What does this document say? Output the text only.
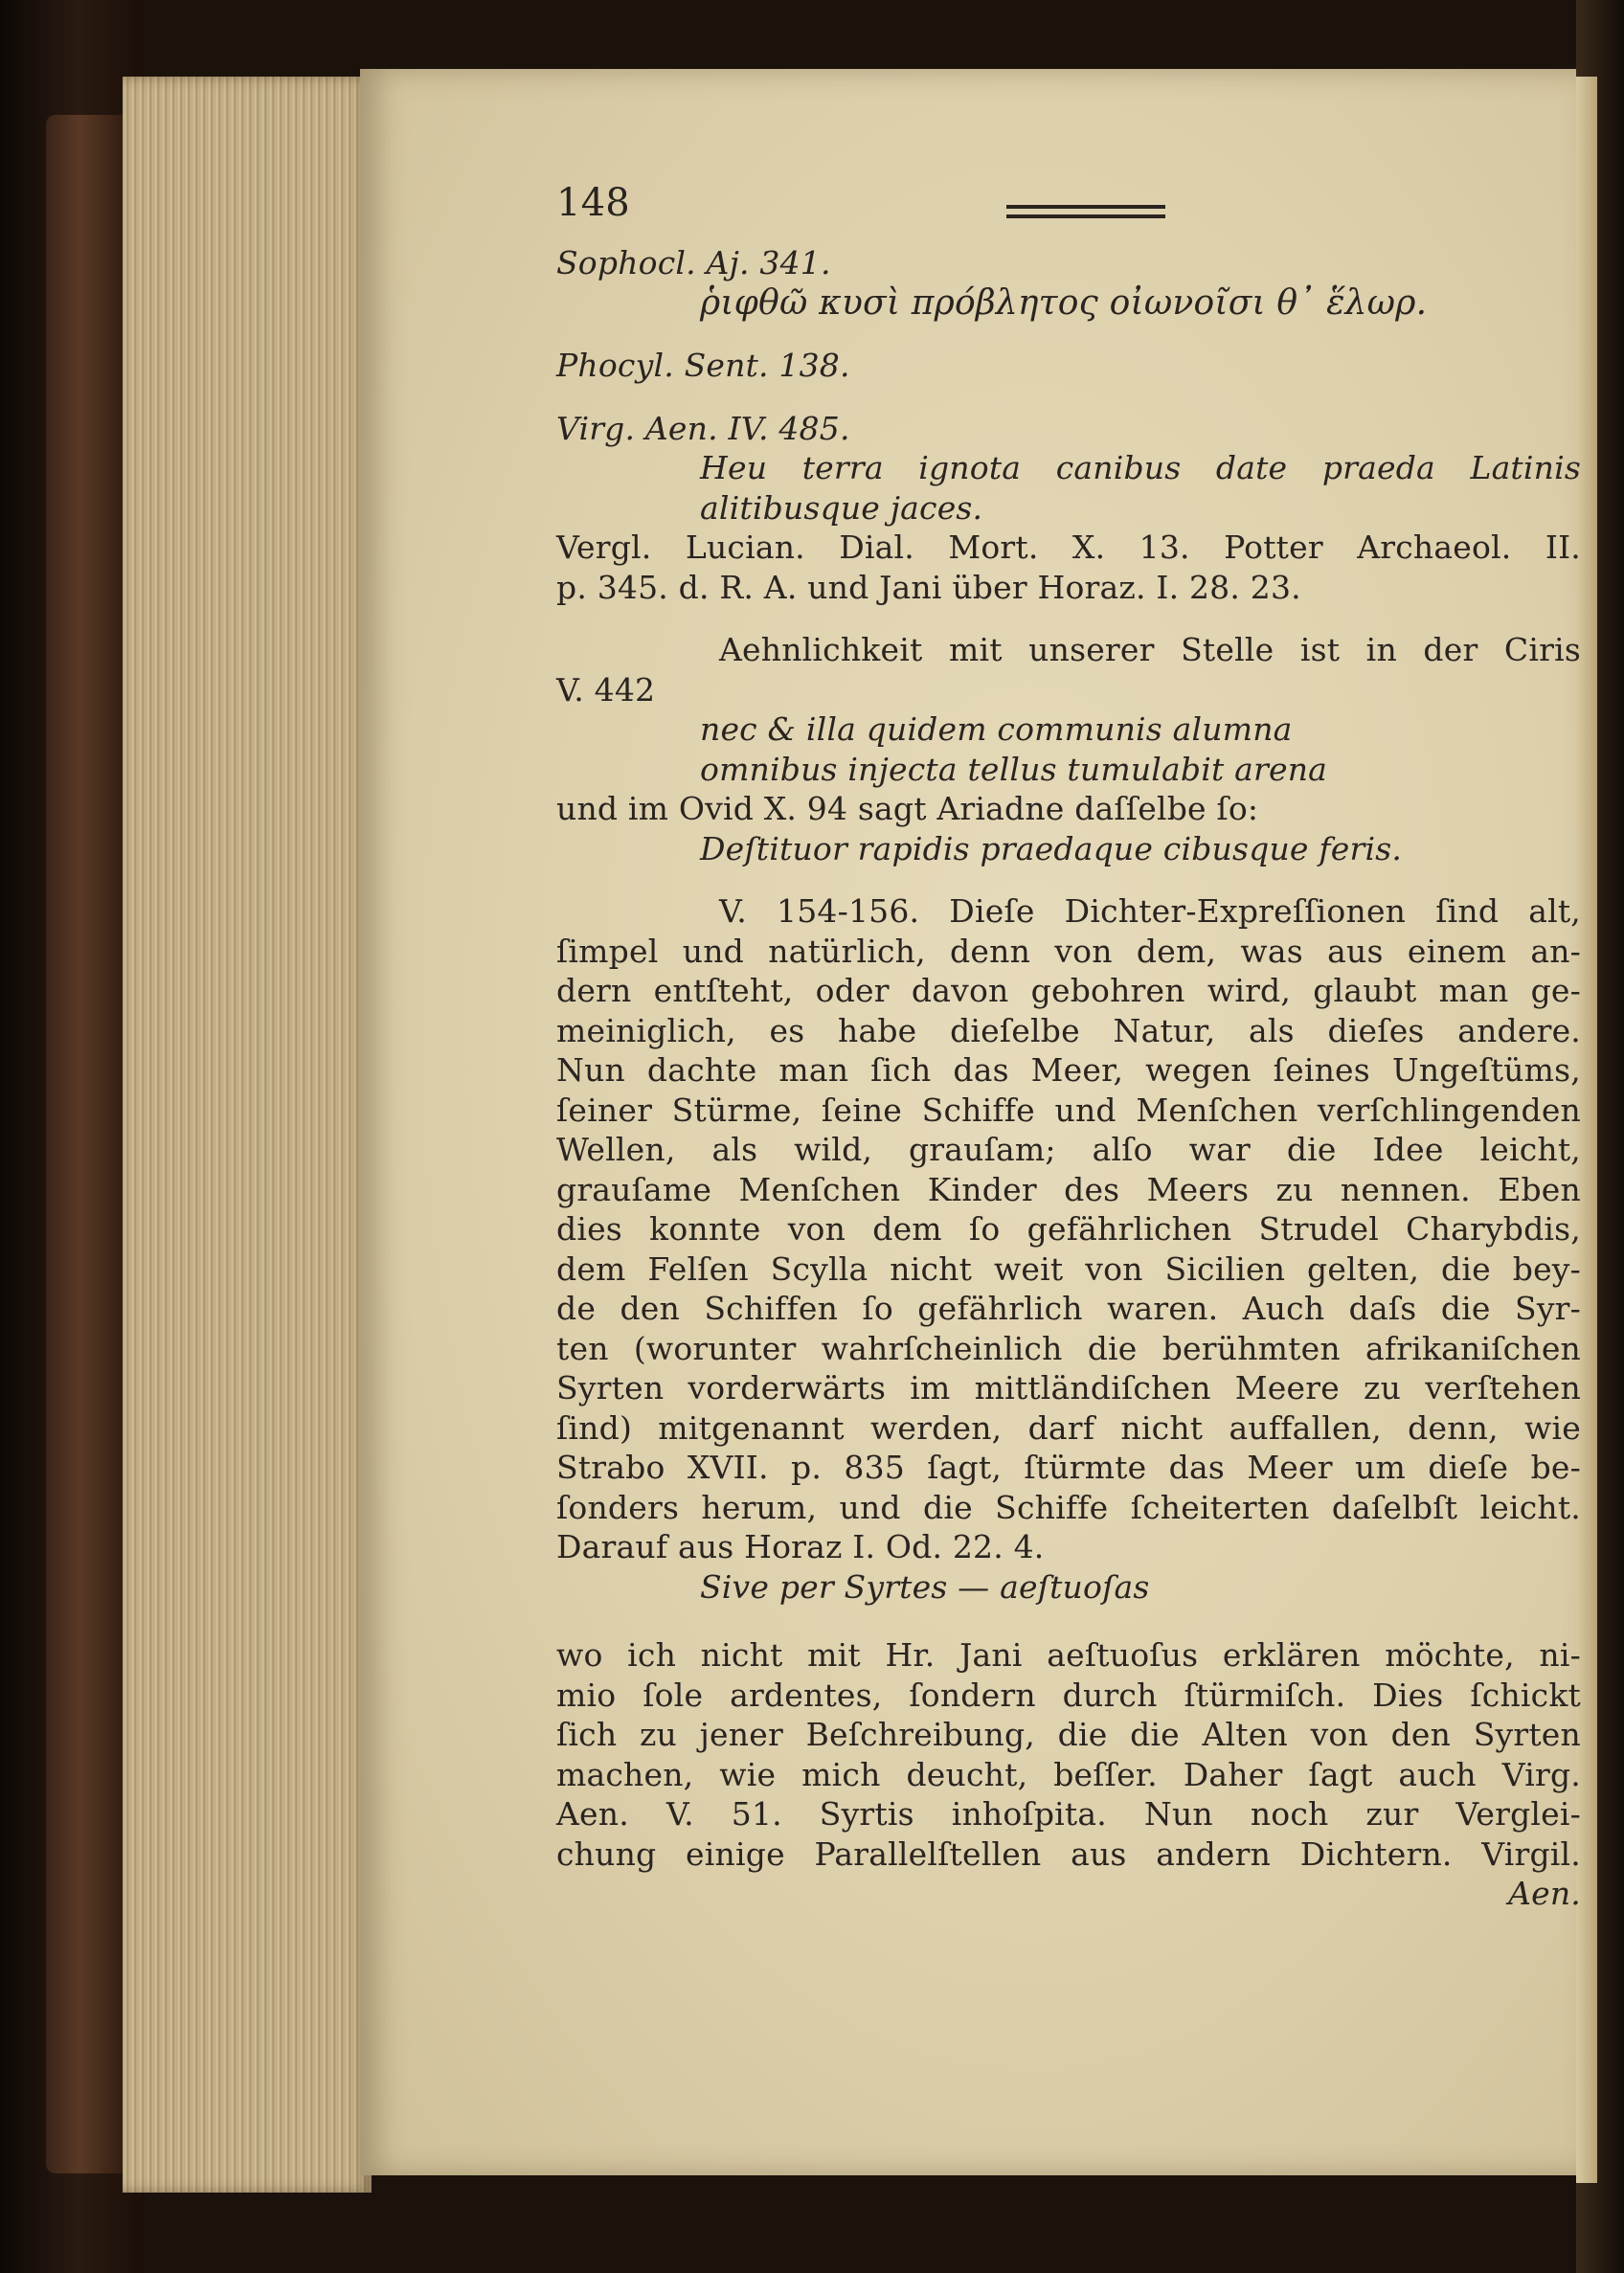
148
Sophocl. Aj. 341.
ῥιφθῶ κυσὶ πρόβλητος οἰωνοῖσι θ᾽ ἕλωρ.
Phocyl. Sent. 138.
Virg. Aen. IV. 485.
Heu terra ignota canibus date praeda Latinis
alitibusque jaces.
Vergl. Lucian. Dial. Mort. X. 13. Potter Archaeol. II.
p. 345. d. R. A. und Jani über Horaz. I. 28. 23.
Aehnlichkeit mit unserer Stelle ist in der Ciris
V. 442
nec & illa quidem communis alumna
omnibus injecta tellus tumulabit arena
und im Ovid X. 94 sagt Ariadne daſſelbe ſo:
Deſtituor rapidis praedaque cibusque feris.
V. 154-156. Dieſe Dichter-Expreſſionen ſind alt,
ſimpel und natürlich, denn von dem, was aus einem an-
dern entſteht, oder davon gebohren wird, glaubt man ge-
meiniglich, es habe dieſelbe Natur, als dieſes andere.
Nun dachte man ſich das Meer, wegen ſeines Ungeſtüms,
ſeiner Stürme, ſeine Schiffe und Menſchen verſchlingenden
Wellen, als wild, grauſam; alſo war die Idee leicht,
grauſame Menſchen Kinder des Meers zu nennen. Eben
dies konnte von dem ſo gefährlichen Strudel Charybdis,
dem Felſen Scylla nicht weit von Sicilien gelten, die bey-
de den Schiffen ſo gefährlich waren. Auch daſs die Syr-
ten (worunter wahrſcheinlich die berühmten afrikaniſchen
Syrten vorderwärts im mittländiſchen Meere zu verſtehen
ſind) mitgenannt werden, darf nicht auffallen, denn, wie
Strabo XVII. p. 835 ſagt, ſtürmte das Meer um dieſe be-
ſonders herum, und die Schiffe ſcheiterten daſelbſt leicht.
Darauf aus Horaz I. Od. 22. 4.
Sive per Syrtes — aeſtuoſas
wo ich nicht mit Hr. Jani aeſtuoſus erklären möchte, ni-
mio ſole ardentes, ſondern durch ſtürmiſch. Dies ſchickt
ſich zu jener Beſchreibung, die die Alten von den Syrten
machen, wie mich deucht, beſſer. Daher ſagt auch Virg.
Aen. V. 51. Syrtis inhoſpita. Nun noch zur Verglei-
chung einige Parallelſtellen aus andern Dichtern. Virgil.
Aen.
